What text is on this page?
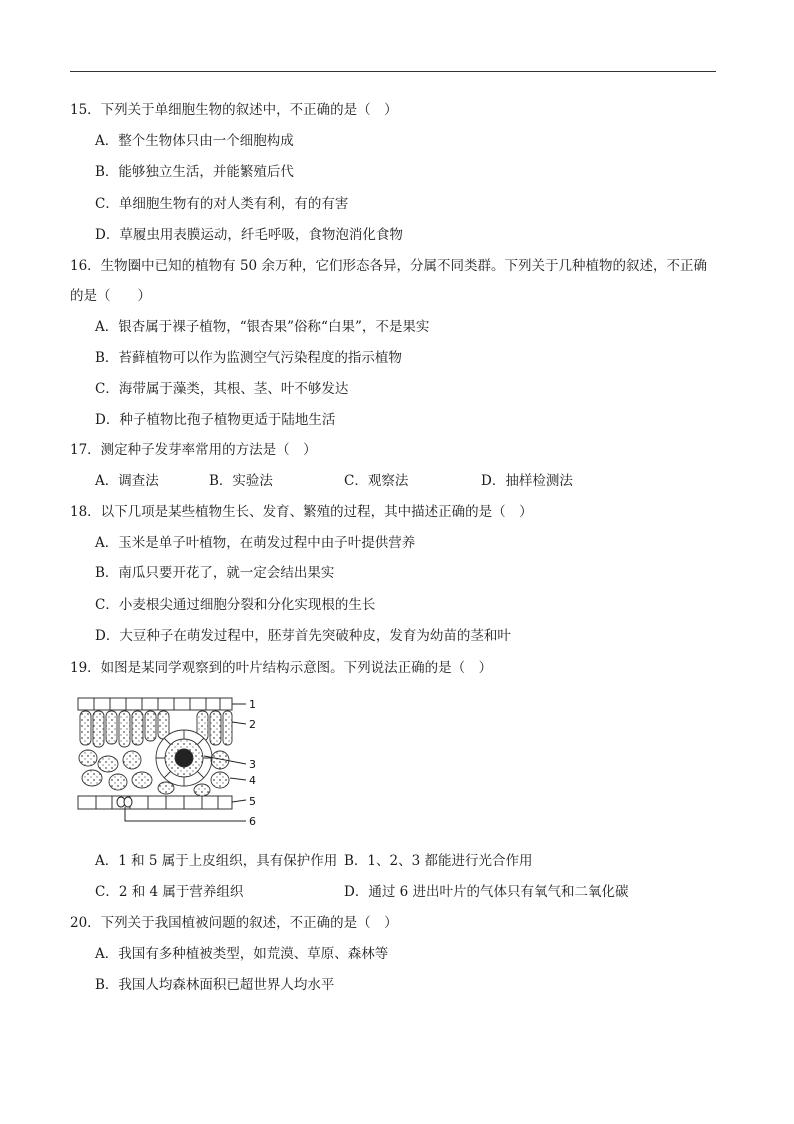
15．下列关于单细胞生物的叙述中，不正确的是（　）
A．整个生物体只由一个细胞构成
B．能够独立生活，并能繁殖后代
C．单细胞生物有的对人类有利，有的有害
D．草履虫用表膜运动，纤毛呼吸，食物泡消化食物
16．生物圈中已知的植物有 50 余万种，它们形态各异，分属不同类群。下列关于几种植物的叙述，不正确
的是（　　）
A．银杏属于裸子植物，“银杏果”俗称“白果”，不是果实
B．苔藓植物可以作为监测空气污染程度的指示植物
C．海带属于藻类，其根、茎、叶不够发达
D．种子植物比孢子植物更适于陆地生活
17．测定种子发芽率常用的方法是（　）
A．调查法	B．实验法	C．观察法	D．抽样检测法
18．以下几项是某些植物生长、发育、繁殖的过程，其中描述正确的是（　）
A．玉米是单子叶植物，在萌发过程中由子叶提供营养
B．南瓜只要开花了，就一定会结出果实
C．小麦根尖通过细胞分裂和分化实现根的生长
D．大豆种子在萌发过程中，胚芽首先突破种皮，发育为幼苗的茎和叶
19．如图是某同学观察到的叶片结构示意图。下列说法正确的是（　）
1
2
3
4
5
6
A．1 和 5 属于上皮组织，具有保护作用 B．1、2、3 都能进行光合作用
C．2 和 4 属于营养组织	D．通过 6 进出叶片的气体只有氧气和二氧化碳
20．下列关于我国植被问题的叙述，不正确的是（　）
A．我国有多种植被类型，如荒漠、草原、森林等
B．我国人均森林面积已超世界人均水平
